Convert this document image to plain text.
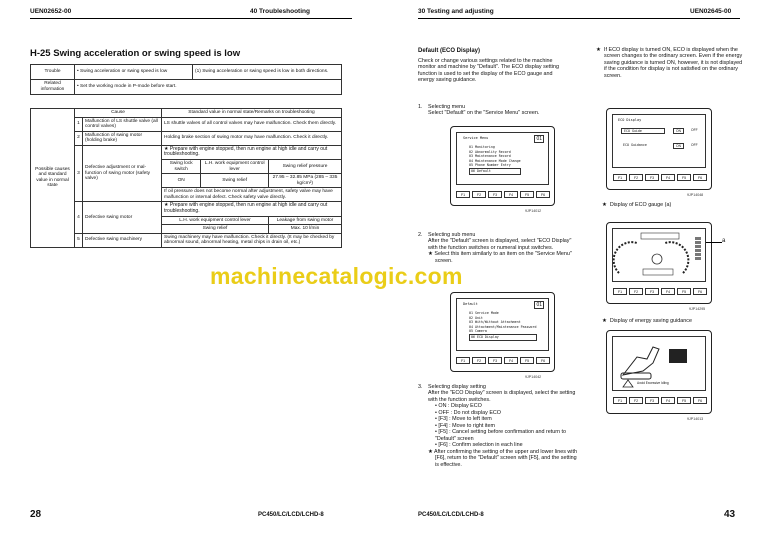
UEN02652-00	40 Troubleshooting
H-25 Swing acceleration or swing speed is low
Trouble	• Swing acceleration or swing speed is low	(1) Swing acceleration or swing speed is low in both directions.
Related information	• Set the working mode in P-mode before start.	
Possible causes and standard value in normal state	Cause		Standard value in normal state/Remarks on troubleshooting		
	1	Malfunction of LS shuttle valve (all control valves)	LS shuttle valves of all control valves may have malfunction. Check them directly.		
	2	Malfunction of swing motor (holding brake)	Holding brake section of swing motor may have malfunction. Check it directly.		
	3	Defective adjustment or mal-function of swing motor (safety valve)	★ Prepare with engine stopped, then run engine at high idle and carry out troubleshooting.		
			Swing lock switch	L.H. work equipment control lever	Swing relief pressure
			ON	Swing relief	27.95 – 32.85 MPa (285 – 335 kg/cm²)
			If oil pressure does not become normal after adjustment, safety valve may have malfunction or internal defect. Check safety valve directly.		
	4	Defective swing motor	★ Prepare with engine stopped, then run engine at high idle and carry out troubleshooting.		
			L.H. work equipment control lever		Leakage from swing motor
			Swing relief		Max. 10 l/min
	5	Defective swing machinery	Swing machinery may have malfunction. Check it directly. (It may be checked by abnormal sound, abnormal heating, metal chips in drain oil, etc.)		
28	PC450/LC/LCD/LCHD-8
30 Testing and adjusting	UEN02645-00
Default (ECO Display)
Check or change various settings related to the machine monitor and machine by "Default". The ECO display setting function is used to set the display of the ECO gauge and energy saving guidance.
★ If ECO display is turned ON, ECO is displayed when the screen changes to the ordinary screen. Even if the energy saving guidance is turned ON, however, it is not displayed if the condition for display is not satisfied on the ordinary screen.
1. Selecting menu
Select "Default" on the "Service Menu" screen.
Service Menu	01
01 Monitoring
02 Abnormality Record
03 Maintenance Record
04 Maintenance Mode Change
05 Phone Number Entry
06 Default
F1	F2	F3	F4	F5	F6
9JP14012
2. Selecting sub menu
After the "Default" screen is displayed, select "ECO Display" with the function switches or numeral input switches.
★ Select this item similarly to an item on the "Service Menu" screen.
Default	01
01 Service Mode
02 Unit
03 With/Without Attachment
04 Attachment/Maintenance Password
05 Camera
06 ECO Display
F1	F2	F3	F4	F5	F6
9JP14042
3. Selecting display setting
After the "ECO Display" screen is displayed, select the setting with the function switches.
• ON : Display ECO
• OFF : Do not display ECO
• [F3] : Move to left item
• [F4] : Move to right item
• [F5] : Cancel setting before confirmation and return to "Default" screen
• [F6] : Confirm selection in each line
★ After confirming the setting of the upper and lower lines with [F6], return to the "Default" screen with [F5], and the setting is effective.
ECO Display
ECO Guide	ON	OFF
ECO Guidance	ON	OFF
F1	F2	F3	F4	F5	F6
9JP14048
★ Display of ECO gauge (a)
F1	F2	F3	F4	F5	F6
9JP14295
a
★ Display of energy saving guidance
Avoid Excessive Idling
F1	F2	F3	F4	F5	F6
9JP14013
PC450/LC/LCD/LCHD-8	43
machinecatalogic.com
